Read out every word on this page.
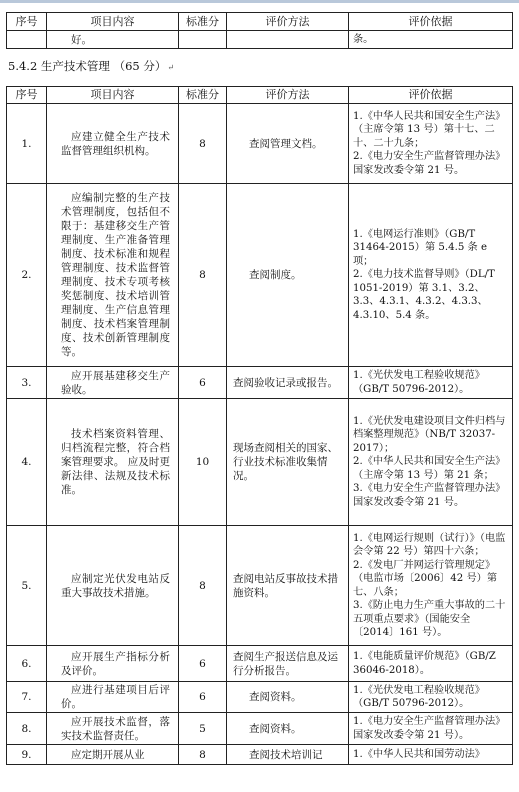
序号	项目内容	标准分	评价方法	评价依据
	好。			条。
5.4.2 生产技术管理 （65 分） ↵
序号	项目内容	标准分	评价方法	评价依据
1.	应建立健全生产技术监督管理组织机构。	8	查阅管理文档。	1.《中华人民共和国安全生产法》（主席令第 13 号）第十七、二十、二十九条；
2.《电力安全生产监督管理办法》国家发改委令第 21 号。

2.	应编制完整的生产技术管理制度，包括但不限于：基建移交生产管理制度、生产准备管理制度、技术标准和规程管理制度、技术监督管理制度、技术专项考核奖惩制度、技术培训管理制度、生产信息管理制度、技术档案管理制度、技术创新管理制度等。	8	查阅制度。	1.《电网运行准则》（GB/T 31464-2015）第 5.4.5 条 e项；
2.《电力技术监督导则》（DL/T 1051-2019）第 3.1、3.2、3.3、4.3.1、4.3.2、4.3.3、4.3.10、5.4 条。

3.	应开展基建移交生产验收。	6	查阅验收记录或报告。	1.《光伏发电工程验收规范》（GB/T 50796-2012）。

4.	技术档案资料管理、归档流程完整，符合档案管理要求。 应及时更新法律、法规及技术标准。	10	现场查阅相关的国家、行业技术标准收集情况。	1.《光伏发电建设项目文件归档与档案整理规范》（NB/T 32037-2017）；
2.《中华人民共和国安全生产法》（主席令第 13 号）第 21 条；
3.《电力安全生产监督管理办法》国家发改委令第 21 号。

5.	应制定光伏发电站反重大事故技术措施。	8	查阅电站反事故技术措施资料。	1.《电网运行规则（试行）》（电监会令第 22 号）第四十六条；
2.《发电厂并网运行管理规定》（电监市场〔2006〕42 号）第七、八条；
3.《防止电力生产重大事故的二十五项重点要求》（国能安全〔2014〕161 号）。

6.	应开展生产指标分析及评价。	6	查阅生产报送信息及运行分析报告。	1.《电能质量评价规范》（GB/Z 36046-2018）。

7.	应进行基建项目后评价。	6	查阅资料。	1.《光伏发电工程验收规范》（GB/T 50796-2012）。

8.	应开展技术监督，落实技术监督责任。	5	查阅资料。	1.《电力安全生产监督管理办法》国家发改委令第 21 号）。

9.	应定期开展从业	8	查阅技术培训记	1.《中华人民共和国劳动法》
